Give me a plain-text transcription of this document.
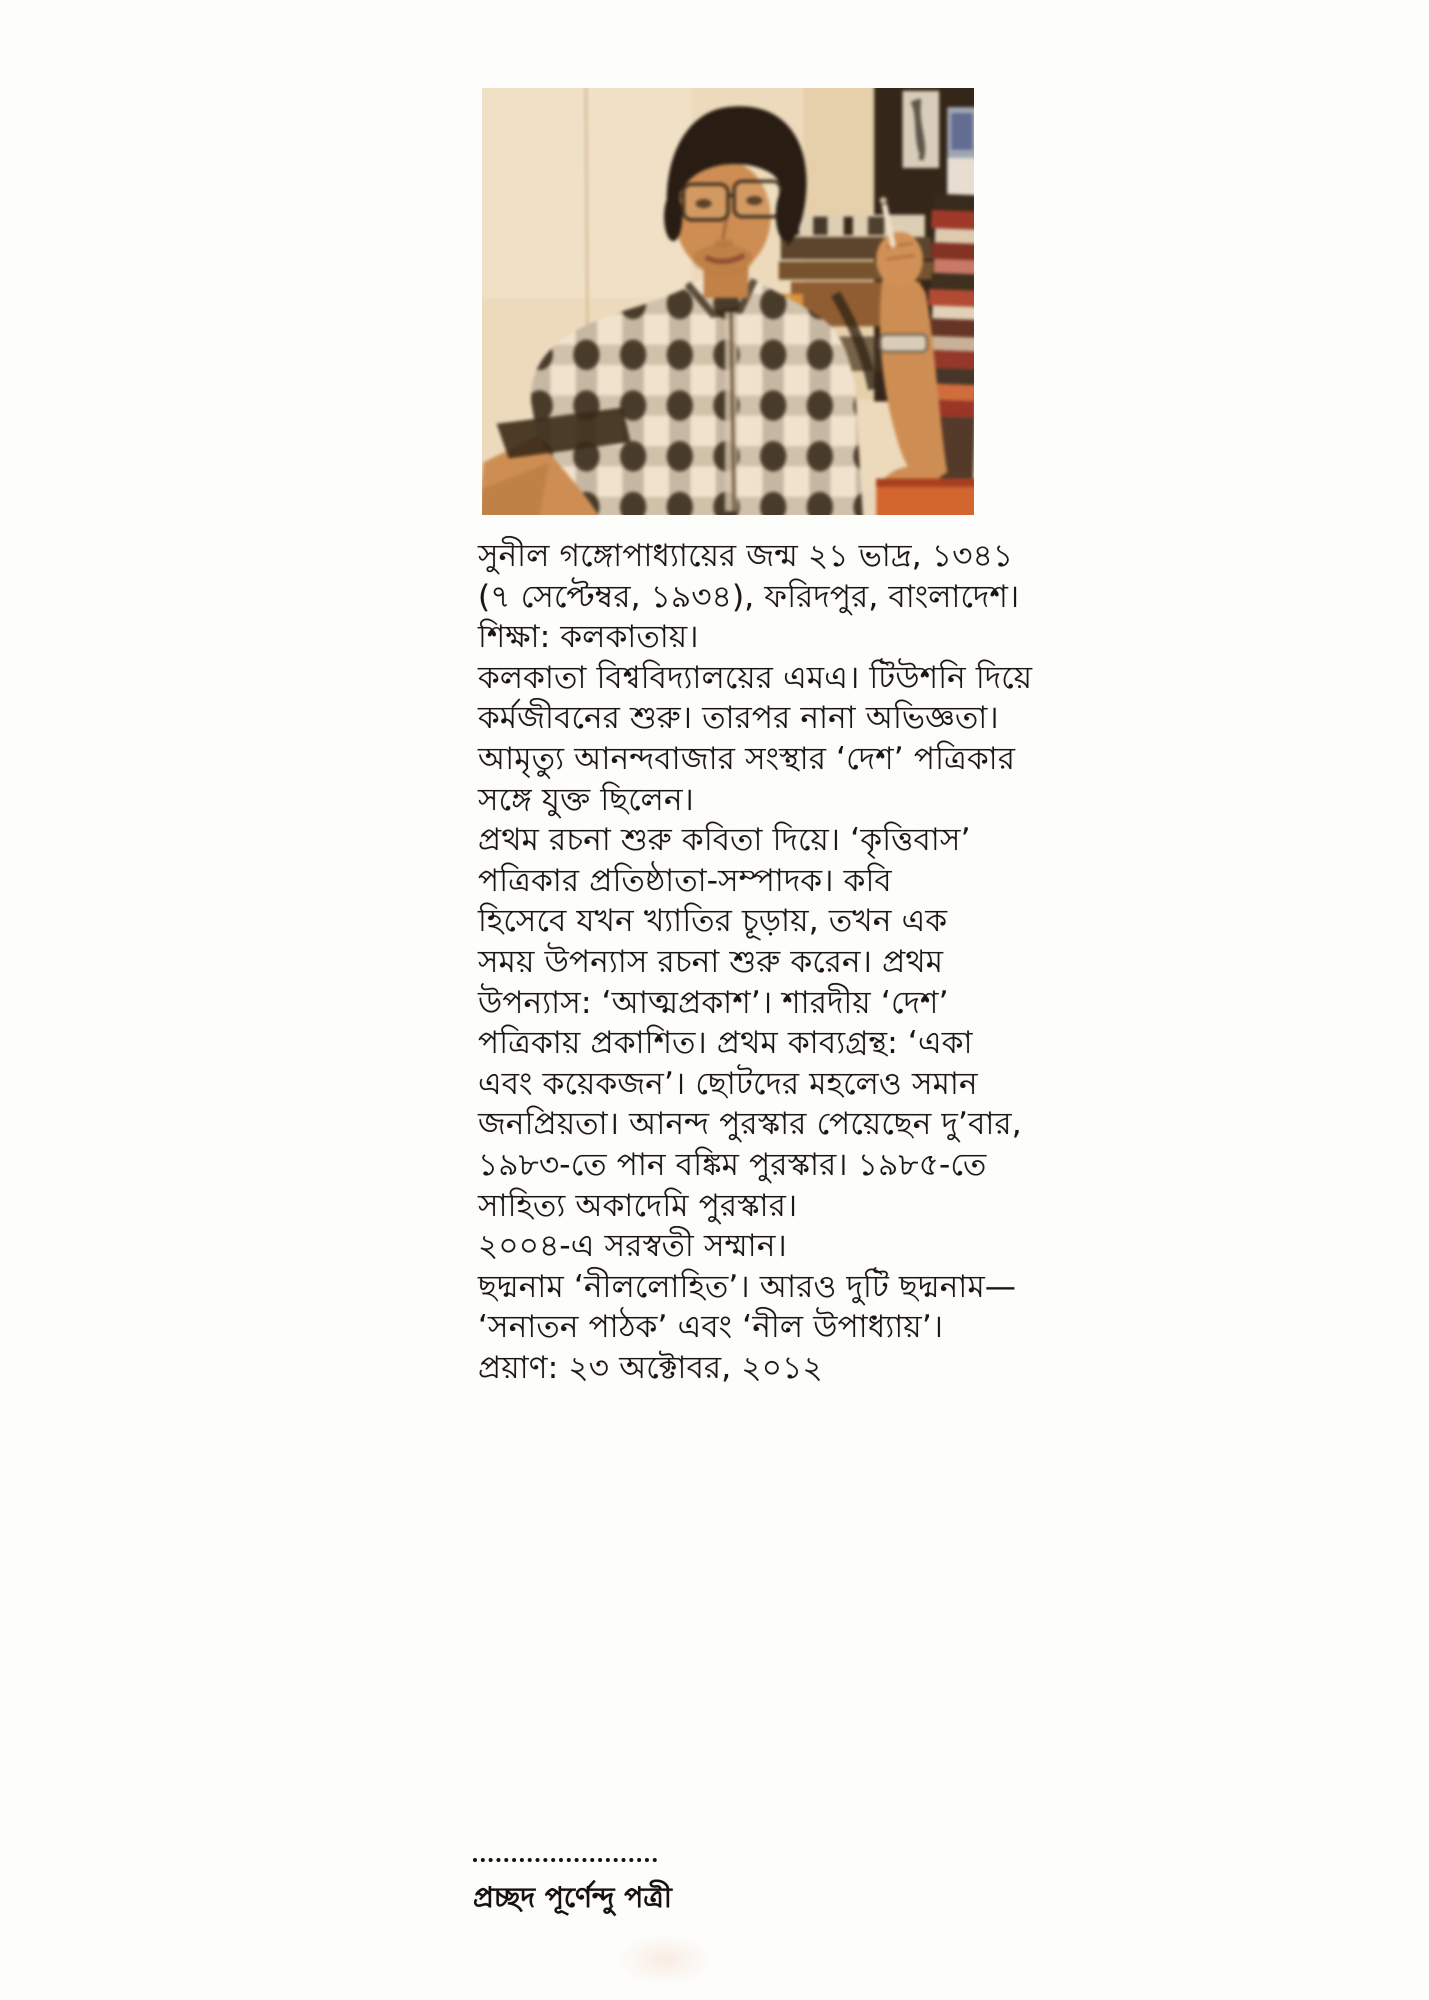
সুনীল গঙ্গোপাধ্যায়ের জন্ম ২১ ভাদ্র, ১৩৪১
(৭ সেপ্টেম্বর, ১৯৩৪), ফরিদপুর, বাংলাদেশ।
শিক্ষা: কলকাতায়।
কলকাতা বিশ্ববিদ্যালয়ের এমএ। টিউশনি দিয়ে
কর্মজীবনের শুরু। তারপর নানা অভিজ্ঞতা।
আমৃত্যু আনন্দবাজার সংস্থার ‘দেশ’ পত্রিকার
সঙ্গে যুক্ত ছিলেন।
প্রথম রচনা শুরু কবিতা দিয়ে। ‘কৃত্তিবাস’
পত্রিকার প্রতিষ্ঠাতা-সম্পাদক। কবি
হিসেবে যখন খ্যাতির চূড়ায়, তখন এক
সময় উপন্যাস রচনা শুরু করেন। প্রথম
উপন্যাস: ‘আত্মপ্রকাশ’। শারদীয় ‘দেশ’
পত্রিকায় প্রকাশিত। প্রথম কাব্যগ্রন্থ: ‘একা
এবং কয়েকজন’। ছোটদের মহলেও সমান
জনপ্রিয়তা। আনন্দ পুরস্কার পেয়েছেন দু’বার,
১৯৮৩-তে পান বঙ্কিম পুরস্কার। ১৯৮৫-তে
সাহিত্য অকাদেমি পুরস্কার।
২০০৪-এ সরস্বতী সম্মান।
ছদ্মনাম ‘নীললোহিত’। আরও দুটি ছদ্মনাম—
‘সনাতন পাঠক’ এবং ‘নীল উপাধ্যায়’।
প্রয়াণ: ২৩ অক্টোবর, ২০১২
প্রচ্ছদ পূর্ণেন্দু পত্রী
